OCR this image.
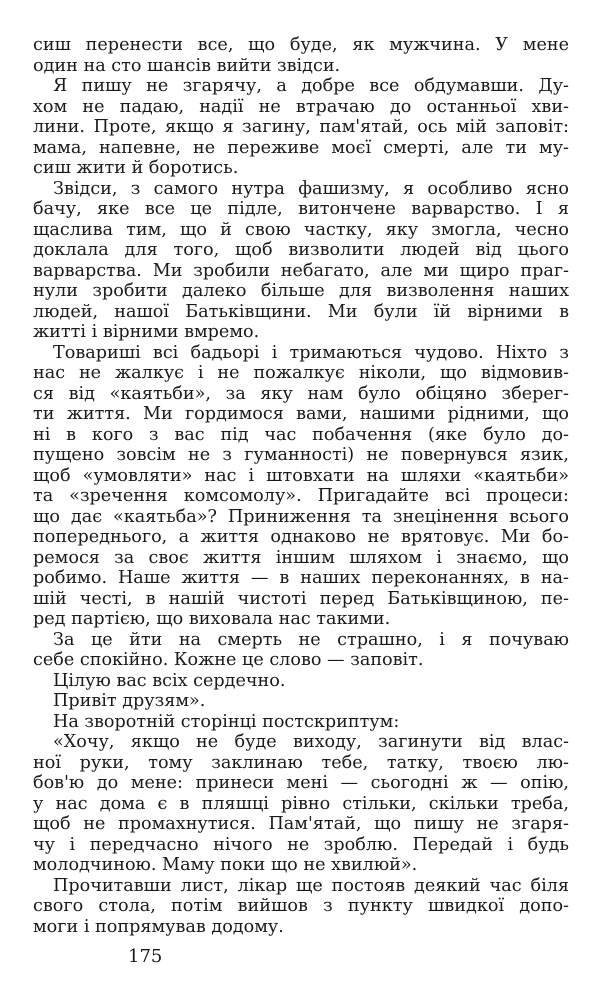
сиш перенести все, що буде, як мужчина. У мене
один на сто шансів вийти звідси.
Я пишу не згарячу, а добре все обдумавши. Ду-
хом не падаю, надії не втрачаю до останньої хви-
лини. Проте, якщо я загину, пам'ятай, ось мій заповіт:
мама, напевне, не переживе моєї смерті, але ти му-
сиш жити й боротись.
Звідси, з самого нутра фашизму, я особливо ясно
бачу, яке все це підле, витончене варварство. І я
щаслива тим, що й свою частку, яку змогла, чесно
доклала для того, щоб визволити людей від цього
варварства. Ми зробили небагато, але ми щиро праг-
нули зробити далеко більше для визволення наших
людей, нашої Батьківщини. Ми були їй вірними в
житті і вірними вмремо.
Товариші всі бадьорі і тримаються чудово. Ніхто з
нас не жалкує і не пожалкує ніколи, що відмовив-
ся від «каятьби», за яку нам було обіцяно зберег-
ти життя. Ми гордимося вами, нашими рідними, що
ні в кого з вас під час побачення (яке було до-
пущено зовсім не з гуманності) не повернувся язик,
щоб «умовляти» нас і штовхати на шляхи «каятьби»
та «зречення комсомолу». Пригадайте всі процеси:
що дає «каятьба»? Приниження та знецінення всього
попереднього, а життя однаково не врятовує. Ми бо-
ремося за своє життя іншим шляхом і знаємо, що
робимо. Наше життя — в наших переконаннях, в на-
шій честі, в нашій чистоті перед Батьківщиною, пе-
ред партією, що виховала нас такими.
За це йти на смерть не страшно, і я почуваю
себе спокійно. Кожне це слово — заповіт.
Цілую вас всіх сердечно.
Привіт друзям».
На зворотній сторінці постскриптум:
«Хочу, якщо не буде виходу, загинути від влас-
ної руки, тому заклинаю тебе, татку, твоєю лю-
бов'ю до мене: принеси мені — сьогодні ж — опію,
у нас дома є в пляшці рівно стільки, скільки треба,
щоб не промахнутися. Пам'ятай, що пишу не згаря-
чу і передчасно нічого не зроблю. Передай і будь
молодчиною. Маму поки що не хвилюй».
Прочитавши лист, лікар ще постояв деякий час біля
свого стола, потім вийшов з пункту швидкої допо-
моги і попрямував додому.
175
